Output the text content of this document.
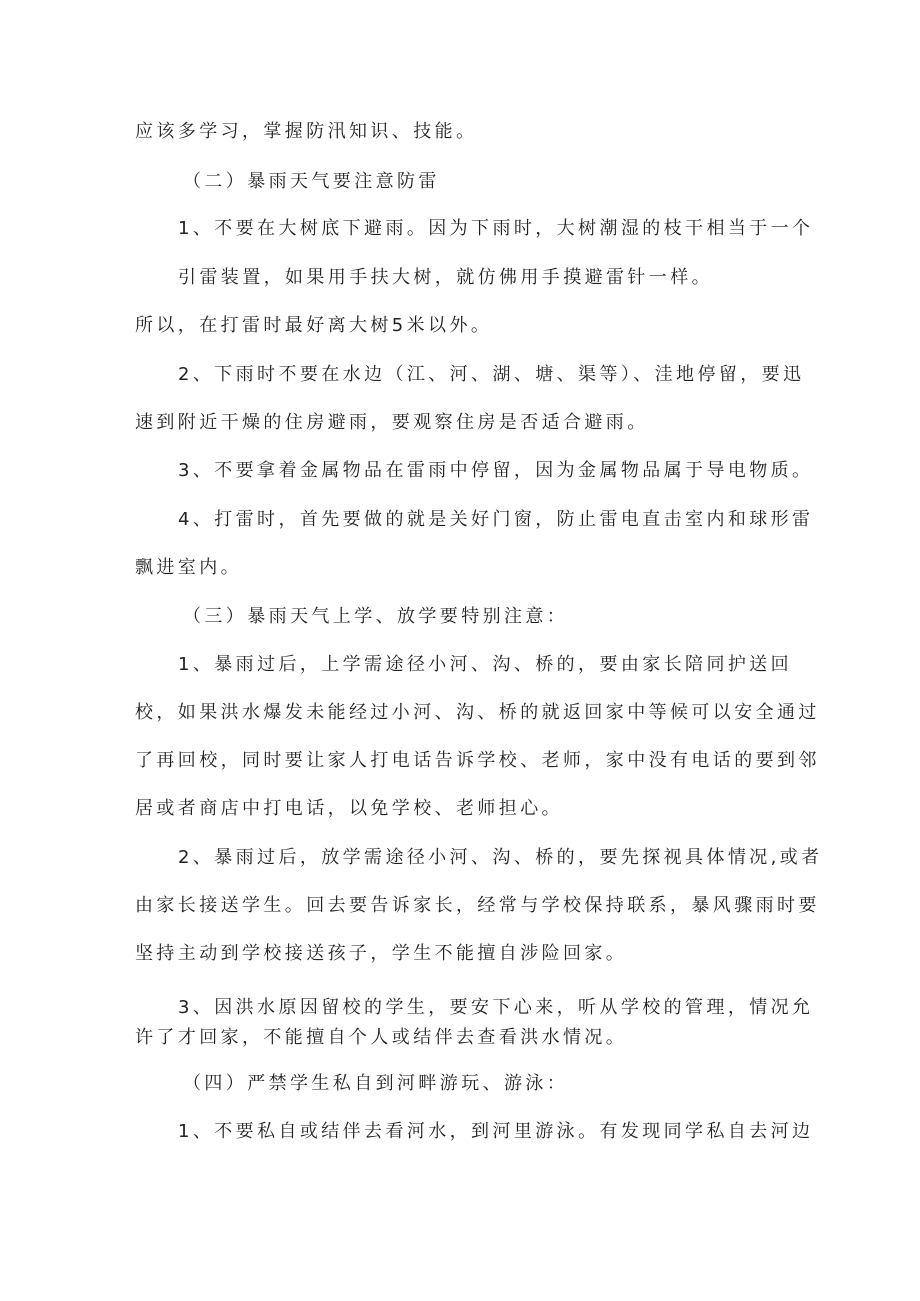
应该多学习，掌握防汛知识、技能。
（二）暴雨天气要注意防雷
1、不要在大树底下避雨。因为下雨时，大树潮湿的枝干相当于一个
引雷装置，如果用手扶大树，就仿佛用手摸避雷针一样。
所以，在打雷时最好离大树5米以外。
2、下雨时不要在水边（江、河、湖、塘、渠等）、洼地停留，要迅
速到附近干燥的住房避雨，要观察住房是否适合避雨。
3、不要拿着金属物品在雷雨中停留，因为金属物品属于导电物质。
4、打雷时，首先要做的就是关好门窗，防止雷电直击室内和球形雷
飘进室内。
（三）暴雨天气上学、放学要特别注意：
1、暴雨过后，上学需途径小河、沟、桥的，要由家长陪同护送回
校，如果洪水爆发未能经过小河、沟、桥的就返回家中等候可以安全通过
了再回校，同时要让家人打电话告诉学校、老师，家中没有电话的要到邻
居或者商店中打电话，以免学校、老师担心。
2、暴雨过后，放学需途径小河、沟、桥的，要先探视具体情况,或者
由家长接送学生。回去要告诉家长，经常与学校保持联系，暴风骤雨时要
坚持主动到学校接送孩子，学生不能擅自涉险回家。
3、因洪水原因留校的学生，要安下心来，听从学校的管理，情况允
许了才回家，不能擅自个人或结伴去查看洪水情况。
（四）严禁学生私自到河畔游玩、游泳：
1、不要私自或结伴去看河水，到河里游泳。有发现同学私自去河边
